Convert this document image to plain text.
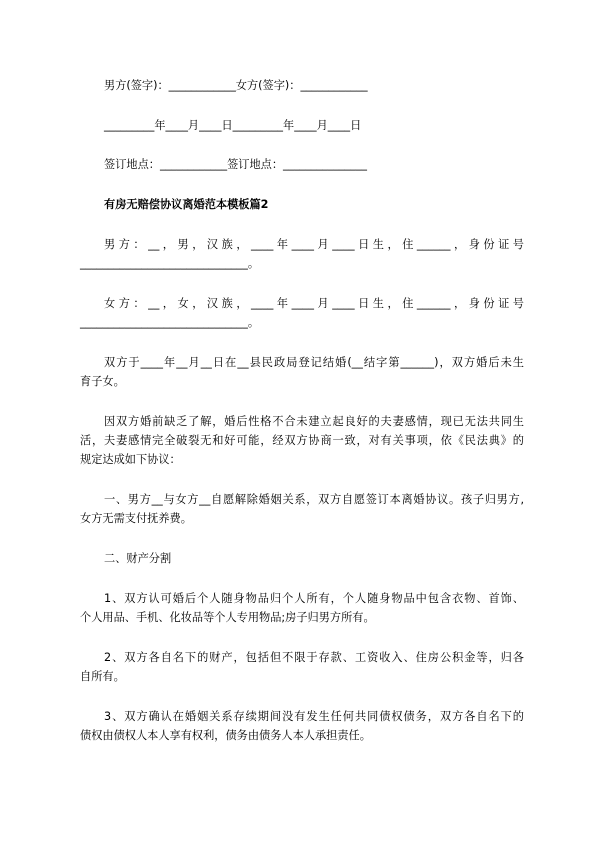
男方(签字)：____________女方(签字)：____________

_________年____月____日_________年____月____日

签订地点：____________签订地点：_______________

有房无赔偿协议离婚范本模板篇2

男方：__，男，汉族，____年____月____日生，住______，身份证号

______________________________。

女方：__，女，汉族，____年____月____日生，住______，身份证号

______________________________。

双方于____年__月__日在__县民政局登记结婚(__结字第______)，双方婚后未生

育子女。

因双方婚前缺乏了解，婚后性格不合未建立起良好的夫妻感情，现已无法共同生

活，夫妻感情完全破裂无和好可能，经双方协商一致，对有关事项，依《民法典》的

规定达成如下协议：

一、男方__与女方__自愿解除婚姻关系，双方自愿签订本离婚协议。孩子归男方,

女方无需支付抚养费。

二、财产分割

1、双方认可婚后个人随身物品归个人所有，个人随身物品中包含衣物、首饰、

个人用品、手机、化妆品等个人专用物品;房子归男方所有。

2、双方各自名下的财产，包括但不限于存款、工资收入、住房公积金等，归各

自所有。

3、双方确认在婚姻关系存续期间没有发生任何共同债权债务，双方各自名下的

债权由债权人本人享有权利，债务由债务人本人承担责任。
